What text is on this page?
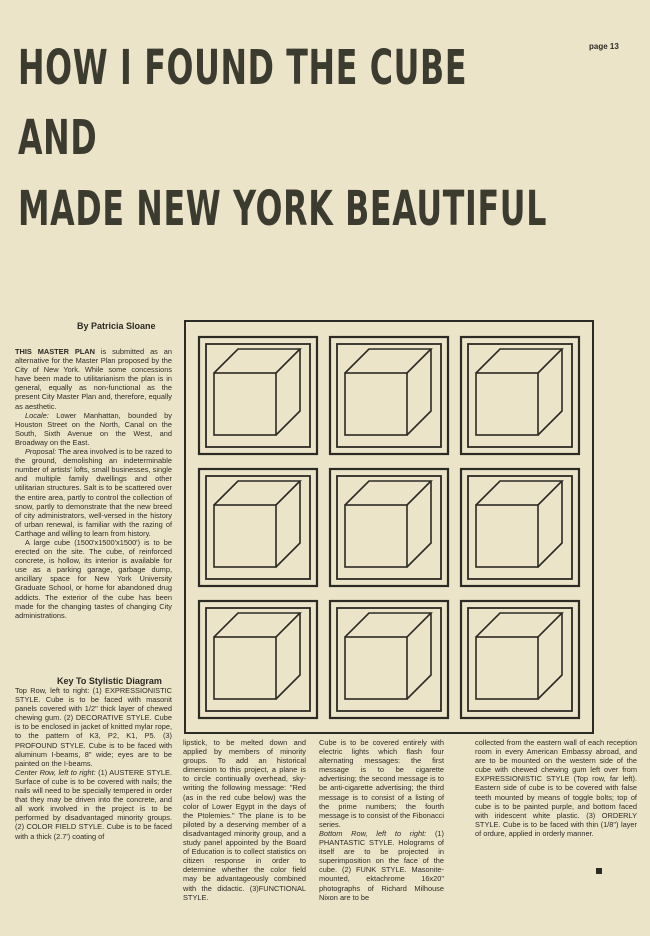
page 13
HOW I FOUND THE CUBE
AND
MADE NEW YORK BEAUTIFUL
By Patricia Sloane

THIS MASTER PLAN is submitted as an alternative for the Master Plan proposed by the City of New York. While some concessions have been made to utilitarianism the plan is in general, equally as non-functional as the present City Master Plan and, therefore, equally as aesthetic.

Locale: Lower Manhattan, bounded by Houston Street on the North, Canal on the South, Sixth Avenue on the West, and Broadway on the East.

Proposal: The area involved is to be razed to the ground, demolishing an indeterminable number of artists' lofts, small businesses, single and multiple family dwellings and other utilitarian structures. Salt is to be scattered over the entire area, partly to control the collection of snow, partly to demonstrate that the new breed of city administrators, well-versed in the history of urban renewal, is familiar with the razing of Carthage and willing to learn from history.

A large cube (1500'x1500'x1500') is to be erected on the site. The cube, of reinforced concrete, is hollow, its interior is available for use as a parking garage, garbage dump, ancillary space for New York University Graduate School, or home for abandoned drug addicts. The exterior of the cube has been made for the changing tastes of changing City administrations.

Key To Stylistic Diagram

Top Row, left to right: (1) EXPRESSIONISTIC STYLE. Cube is to be faced with masonit panels covered with 1/2" thick layer of chewed chewing gum. (2) DECORATIVE STYLE. Cube is to be enclosed in jacket of knitted mylar rope, to the pattern of K3, P2, K1, P5. (3) PROFOUND STYLE. Cube is to be faced with aluminum I-beams, 8" wide; eyes are to be painted on the I-beams.

Center Row, left to right: (1) AUSTERE STYLE. Surface of cube is to be covered with nails; the nails will need to be specially tempered in order that they may be driven into the concrete, and all work involved in the project is to be performed by disadvantaged minority groups. (2) COLOR FIELD STYLE. Cube is to be faced with a thick (2.7') coating of

lipstick, to be melted down and applied by members of minority groups. To add an historical dimension to this project, a plane is to circle continually overhead, sky-writing the following message: "Red (as in the red cube below) was the color of Lower Egypt in the days of the Ptolemies." The plane is to be piloted by a deserving member of a disadvantaged minority group, and a study panel appointed by the Board of Education is to collect statistics on citizen response in order to determine whether the color field may be advantageously combined with the didactic. (3)FUNCTIONAL STYLE.

Cube is to be covered entirely with electric lights which flash four alternating messages: the first message is to be cigarette advertising; the second message is to be anti-cigarette advertising; the third message is to consist of a listing of the prime numbers; the fourth message is to consist of the Fibonacci series.

Bottom Row, left to right: (1) PHANTASTIC STYLE. Holograms of itself are to be projected in superimposition on the face of the cube. (2) FUNK STYLE. Masonite-mounted, ektachrome 16x20" photographs of Richard Milhouse Nixon are to be

collected from the eastern wall of each reception room in every American Embassy abroad, and are to be mounted on the western side of the cube with chewed chewing gum left over from EXPRESSIONISTIC STYLE (Top row, far left). Eastern side of cube is to be covered with false teeth mounted by means of toggle bolts; top of cube is to be painted purple, and bottom faced with iridescent white plastic. (3) ORDERLY STYLE. Cube is to be faced with thin (1/8") layer of ordure, applied in orderly manner.
